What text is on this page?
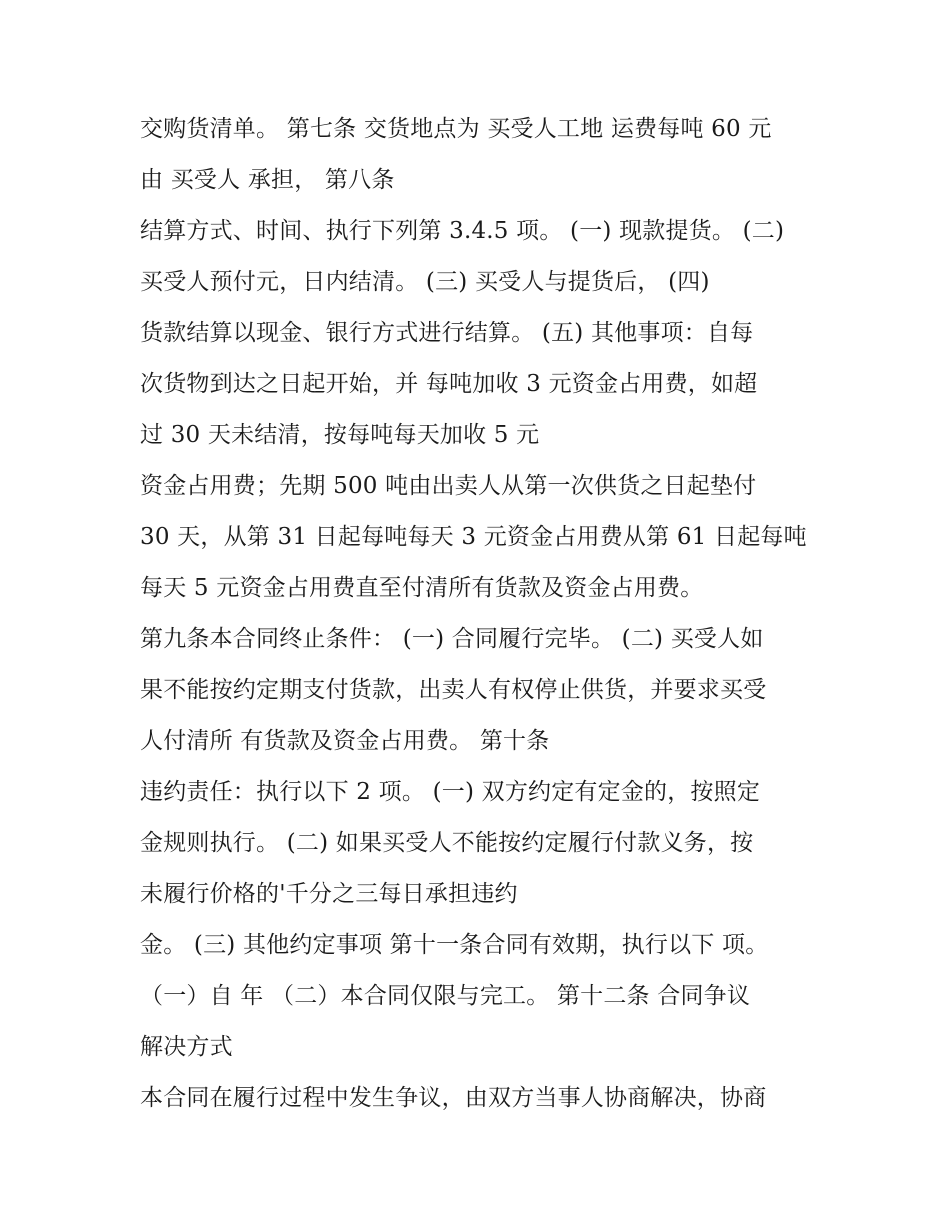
交购货清单。 第七条 交货地点为 买受人工地 运费每吨 60 元
由 买受人 承担， 第八条
结算方式、时间、执行下列第 3.4.5 项。 (一) 现款提货。 (二)
买受人预付元，日内结清。 (三) 买受人与提货后， (四)
货款结算以现金、银行方式进行结算。 (五) 其他事项：自每
次货物到达之日起开始，并 每吨加收 3 元资金占用费，如超
过 30 天未结清，按每吨每天加收 5 元
资金占用费；先期 500 吨由出卖人从第一次供货之日起垫付
30 天，从第 31 日起每吨每天 3 元资金占用费从第 61 日起每吨
每天 5 元资金占用费直至付清所有货款及资金占用费。
第九条本合同终止条件： (一) 合同履行完毕。 (二) 买受人如
果不能按约定期支付货款，出卖人有权停止供货，并要求买受
人付清所 有货款及资金占用费。 第十条
违约责任：执行以下 2 项。 (一) 双方约定有定金的，按照定
金规则执行。 (二) 如果买受人不能按约定履行付款义务，按
未履行价格的'千分之三每日承担违约
金。 (三) 其他约定事项 第十一条合同有效期，执行以下 项。
（一）自 年 （二）本合同仅限与完工。 第十二条 合同争议
解决方式
本合同在履行过程中发生争议，由双方当事人协商解决，协商
